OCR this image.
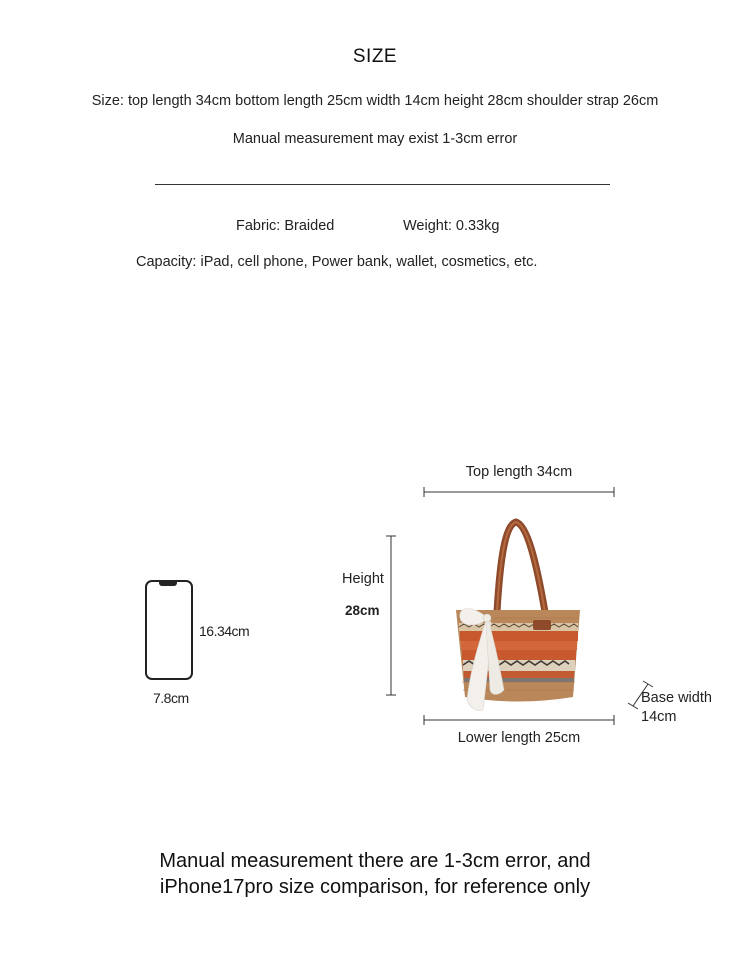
SIZE
Size: top length 34cm bottom length 25cm width 14cm height 28cm shoulder strap 26cm
Manual measurement may exist 1-3cm error
Fabric: Braided	Weight: 0.33kg
Capacity: iPad, cell phone, Power bank, wallet, cosmetics, etc.
16.34cm
7.8cm
Top length 34cm
Height
28cm
Lower length 25cm
Base width
14cm
Manual measurement there are 1-3cm error, and
iPhone17pro size comparison, for reference only
